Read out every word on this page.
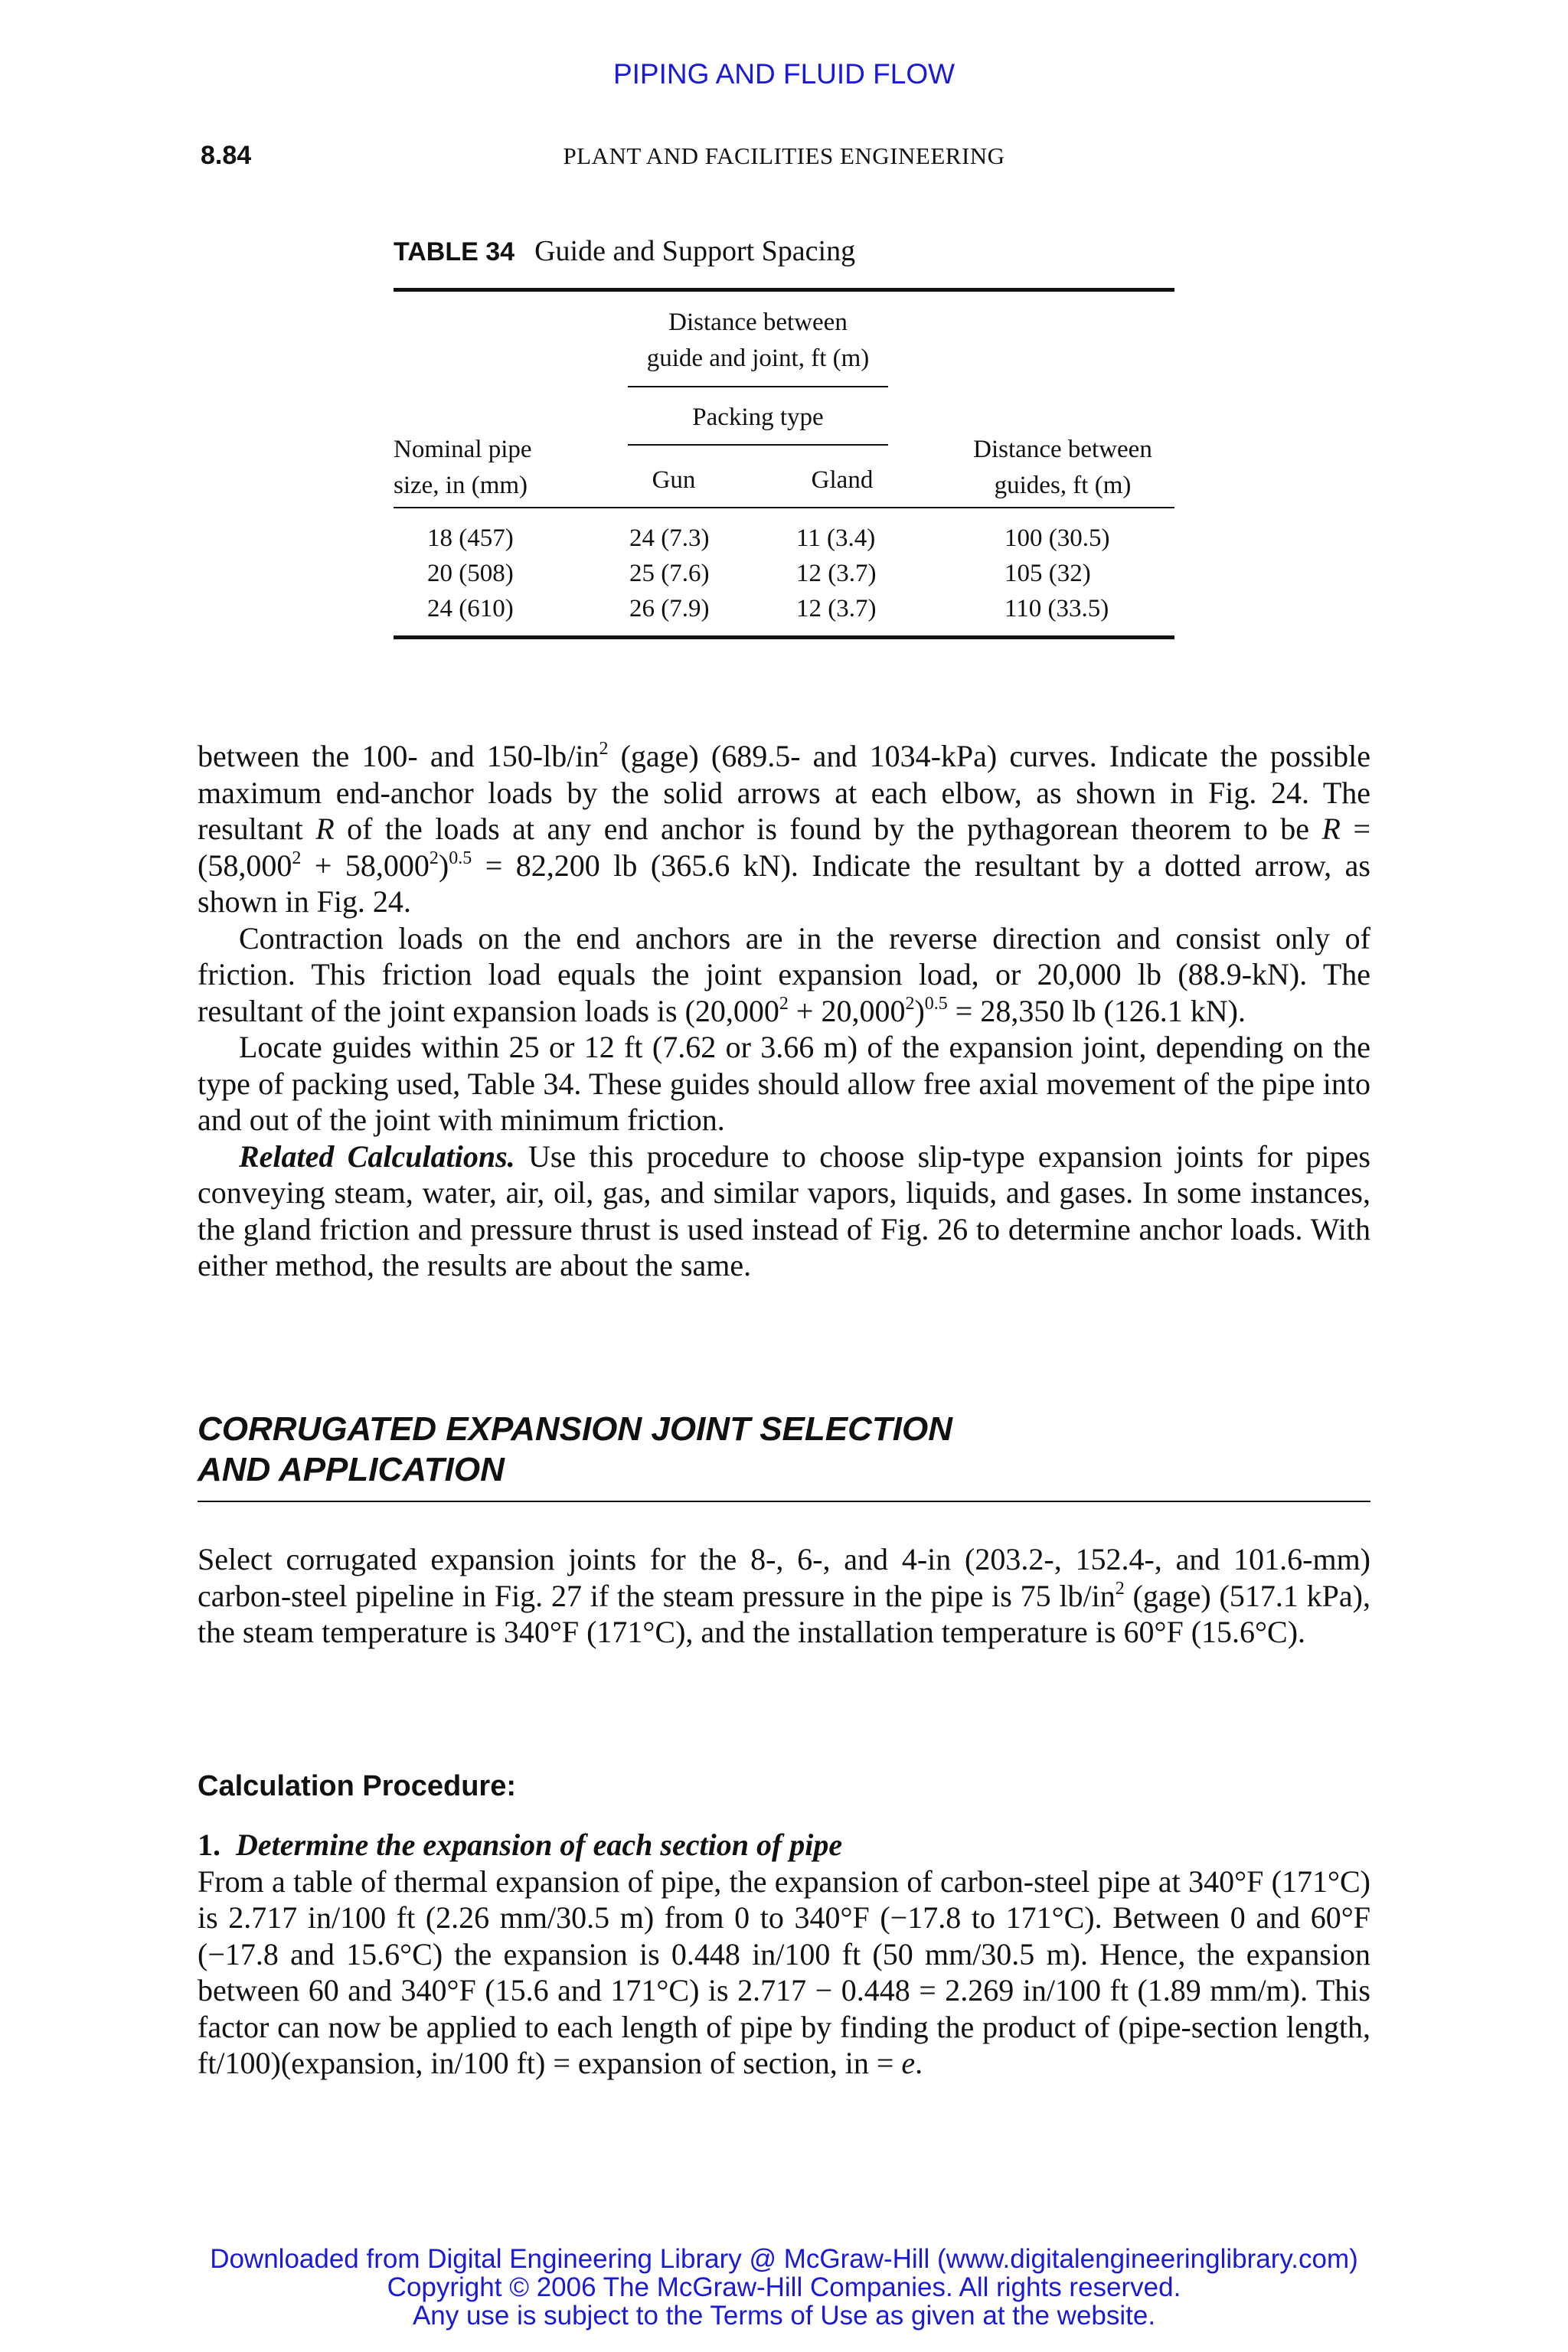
PIPING AND FLUID FLOW
8.84	PLANT AND FACILITIES ENGINEERING
TABLE 34 Guide and Support Spacing
Distance between
guide and joint, ft (m)
Packing type
Nominal pipe
size, in (mm)	Gun	Gland
Distance between
guides, ft (m)
18 (457)	24 (7.3)	11 (3.4)	100 (30.5)
20 (508)	25 (7.6)	12 (3.7)	105 (32)
24 (610)	26 (7.9)	12 (3.7)	110 (33.5)

between the 100- and $150-lb/in^2$ (gage) (689.5- and 1034-kPa) curves. Indicate the possible maximum end-anchor loads by the solid arrows at each elbow, as shown in Fig. 24. The resultant R of the loads at any end anchor is found by the pythagorean theorem to be $R = (58,000^2 + 58,000^2)^{0.5} = 82,200$ lb (365.6 kN). Indicate the resultant by a dotted arrow, as shown in Fig. 24.

Contraction loads on the end anchors are in the reverse direction and consist only of friction. This friction load equals the joint expansion load, or 20,000 lb (88.9-kN). The resultant of the joint expansion loads is $(20,000^2 + 20,000^2)^{0.5} = 28,350$ lb (126.1 kN).

Locate guides within 25 or 12 ft (7.62 or 3.66 m) of the expansion joint, depending on the type of packing used, Table 34. These guides should allow free axial movement of the pipe into and out of the joint with minimum friction.

Related Calculations. Use this procedure to choose slip-type expansion joints for pipes conveying steam, water, air, oil, gas, and similar vapors, liquids, and gases. In some instances, the gland friction and pressure thrust is used instead of Fig. 26 to determine anchor loads. With either method, the results are about the same.

CORRUGATED EXPANSION JOINT SELECTION
AND APPLICATION

Select corrugated expansion joints for the 8-, 6-, and 4-in (203.2-, 152.4-, and 101.6-mm) carbon-steel pipeline in Fig. 27 if the steam pressure in the pipe is 75 $lb/in^2$ (gage) (517.1 kPa), the steam temperature is 340°F (171°C), and the installation temperature is 60°F (15.6°C).

Calculation Procedure:

1. Determine the expansion of each section of pipe

From a table of thermal expansion of pipe, the expansion of carbon-steel pipe at 340°F (171°C) is 2.717 in/100 ft (2.26 mm/30.5 m) from 0 to 340°F (−17.8 to 171°C). Between 0 and 60°F (−17.8 and 15.6°C) the expansion is 0.448 in/100 ft (50 mm/30.5 m). Hence, the expansion between 60 and 340°F (15.6 and 171°C) is 2.717 − 0.448 = 2.269 in/100 ft (1.89 mm/m). This factor can now be applied to each length of pipe by finding the product of (pipe-section length, ft/100)(expansion, in/100 ft) = expansion of section, in = e.

Downloaded from Digital Engineering Library @ McGraw-Hill (www.digitalengineeringlibrary.com)
Copyright © 2006 The McGraw-Hill Companies. All rights reserved.
Any use is subject to the Terms of Use as given at the website.
